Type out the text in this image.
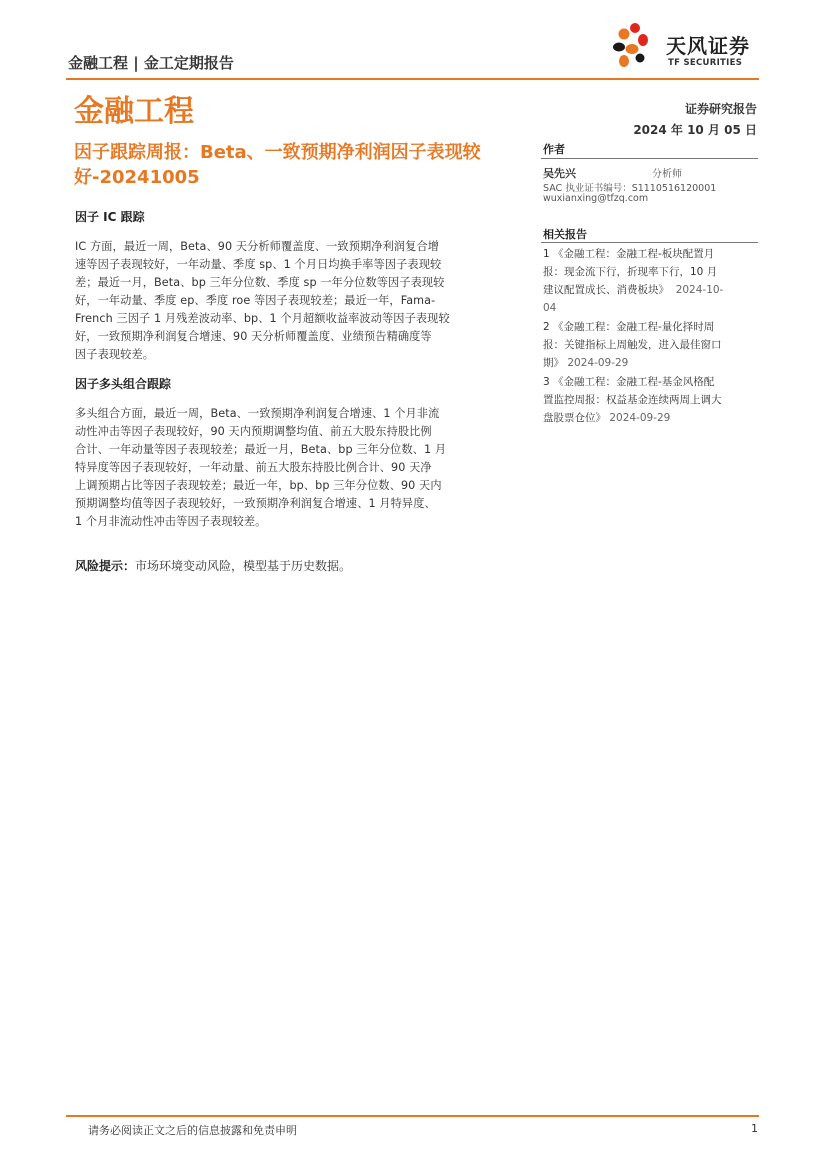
金融工程 | 金工定期报告
天风证券
TF SECURITIES
金融工程	证券研究报告
2024 年 10 月 05 日
因子跟踪周报：Beta、一致预期净利润因子表现较
好-20241005
因子 IC 跟踪
IC 方面，最近一周，Beta、90 天分析师覆盖度、一致预期净利润复合增
速等因子表现较好，一年动量、季度 sp、1 个月日均换手率等因子表现较
差；最近一月，Beta、bp 三年分位数、季度 sp 一年分位数等因子表现较
好，一年动量、季度 ep、季度 roe 等因子表现较差；最近一年，Fama-
French 三因子 1 月残差波动率、bp、1 个月超额收益率波动等因子表现较
好，一致预期净利润复合增速、90 天分析师覆盖度、业绩预告精确度等
因子表现较差。
因子多头组合跟踪
多头组合方面，最近一周，Beta、一致预期净利润复合增速、1 个月非流
动性冲击等因子表现较好，90 天内预期调整均值、前五大股东持股比例
合计、一年动量等因子表现较差；最近一月，Beta、bp 三年分位数、1 月
特异度等因子表现较好，一年动量、前五大股东持股比例合计、90 天净
上调预期占比等因子表现较差；最近一年，bp、bp 三年分位数、90 天内
预期调整均值等因子表现较好，一致预期净利润复合增速、1 月特异度、
1 个月非流动性冲击等因子表现较差。
风险提示：市场环境变动风险，模型基于历史数据。
作者
吴先兴	分析师
SAC 执业证书编号：S1110516120001
wuxianxing@tfzq.com
相关报告
1 《金融工程：金融工程-板块配置月
报：现金流下行，折现率下行，10 月
建议配置成长、消费板块》 2024-10-
04
2 《金融工程：金融工程-量化择时周
报：关键指标上周触发，进入最佳窗口
期》 2024-09-29
3 《金融工程：金融工程-基金风格配
置监控周报：权益基金连续两周上调大
盘股票仓位》 2024-09-29
请务必阅读正文之后的信息披露和免责申明	1
